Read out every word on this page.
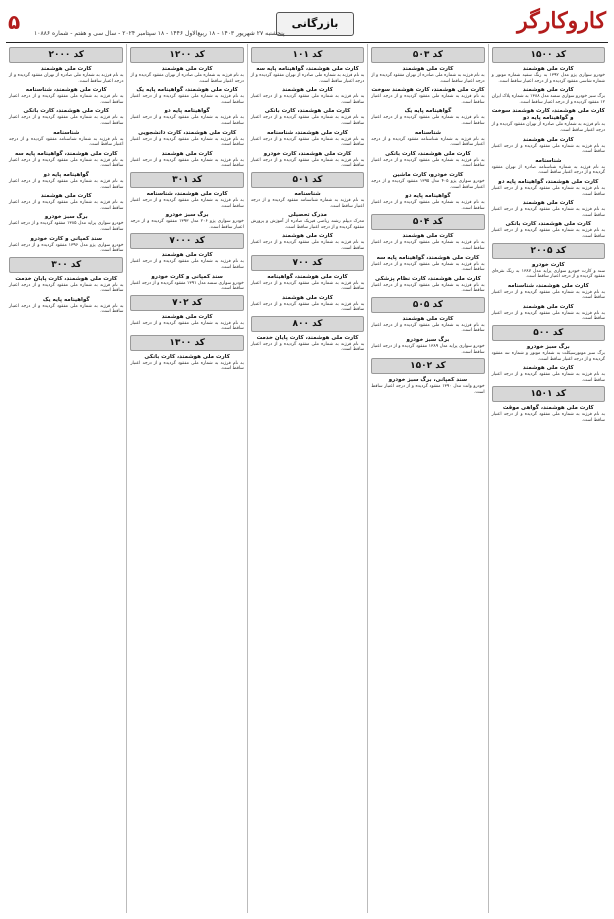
کاروکارگر
بازرگانی
۵ پنجشنبه ۲۷ شهریور ۱۴۰۳ - ۱۸ ربیع‌الاول ۱۴۴۶ - ۱۸ سپتامبر ۲۰۲۴ - سال سی و هفتم - شماره ۱۰۸۸۶
کد ۱۵۰۰
کارت ملی هوشمند

خودرو سواری پژو مدل ۱۳۹۲ به رنگ سفید شماره موتور و شماره شاسی مفقود گردیده و از درجه اعتبار ساقط است.

کارت ملی هوشمند

برگ سبز خودرو سواری سمند مدل ۱۳۸۸ به شماره پلاک ایران ۱۲ مفقود گردیده و از درجه اعتبار ساقط است.

کارت ملی هوشمند، کارت هوشمند سوخت و گواهینامه پایه دو

به نام فرزند به شماره ملی صادره از تهران مفقود گردیده و از درجه اعتبار ساقط است.

کارت ملی هوشمند

به نام فرزند به شماره ملی مفقود گردیده و از درجه اعتبار ساقط است.

شناسنامه

به نام فرزند به شماره شناسنامه صادره از تهران مفقود گردیده و از درجه اعتبار ساقط است.

کارت ملی هوشمند، گواهینامه پایه دو

به نام فرزند به شماره ملی مفقود گردیده و از درجه اعتبار ساقط است.

کارت ملی هوشمند

به نام فرزند به شماره ملی مفقود گردیده و از درجه اعتبار ساقط است.

کارت ملی هوشمند، کارت بانکی

به نام فرزند به شماره ملی مفقود گردیده و از درجه اعتبار ساقط است.

کد ۲۰۰۵
کارت خودرو

سند و کارت خودرو سواری پراید مدل ۱۳۸۷ به رنگ نقره‌ای مفقود گردیده و از درجه اعتبار ساقط است.

کارت ملی هوشمند، شناسنامه

به نام فرزند به شماره ملی مفقود گردیده و از درجه اعتبار ساقط است.

کارت ملی هوشمند

به نام فرزند به شماره ملی مفقود گردیده و از درجه اعتبار ساقط است.

کد ۵۰۰
برگ سبز خودرو

برگ سبز موتورسیکلت به شماره موتور و شماره تنه مفقود گردیده و از درجه اعتبار ساقط است.

کارت ملی هوشمند

به نام فرزند به شماره ملی مفقود گردیده و از درجه اعتبار ساقط است.

کد ۱۵۰۱
کارت ملی هوشمند، گواهی موقت

به نام فرزند به شماره ملی مفقود گردیده و از درجه اعتبار ساقط است.

کد ۵۰۳
کارت ملی هوشمند

به نام فرزند به شماره ملی صادره از تهران مفقود گردیده و از درجه اعتبار ساقط است.

کارت ملی هوشمند، کارت هوشمند سوخت

به نام فرزند به شماره ملی مفقود گردیده و از درجه اعتبار ساقط است.

گواهینامه پایه یک

به نام فرزند به شماره ملی مفقود گردیده و از درجه اعتبار ساقط است.

شناسنامه

به نام فرزند به شماره شناسنامه مفقود گردیده و از درجه اعتبار ساقط است.

کارت ملی هوشمند، کارت بانکی

به نام فرزند به شماره ملی مفقود گردیده و از درجه اعتبار ساقط است.

کارت خودرو، کارت ماشین

خودرو سواری پژو ۴۰۵ مدل ۱۳۹۵ مفقود گردیده و از درجه اعتبار ساقط است.

گواهینامه پایه دو

به نام فرزند به شماره ملی مفقود گردیده و از درجه اعتبار ساقط است.

کد ۵۰۴
کارت ملی هوشمند

به نام فرزند به شماره ملی مفقود گردیده و از درجه اعتبار ساقط است.

کارت ملی هوشمند، گواهینامه پایه سه

به نام فرزند به شماره ملی مفقود گردیده و از درجه اعتبار ساقط است.

کارت ملی هوشمند، کارت نظام پزشکی

به نام فرزند به شماره ملی مفقود گردیده و از درجه اعتبار ساقط است.

کد ۵۰۵
کارت ملی هوشمند

به نام فرزند به شماره ملی مفقود گردیده و از درجه اعتبار ساقط است.

برگ سبز خودرو

خودرو سواری پراید مدل ۱۳۸۹ مفقود گردیده و از درجه اعتبار ساقط است.

کد ۱۵۰۲
سند کمپانی، برگ سبز خودرو

خودرو وانت مدل ۱۳۹۰ مفقود گردیده و از درجه اعتبار ساقط است.

کد ۱۰۱
کارت ملی هوشمند، گواهینامه پایه سه

به نام فرزند به شماره ملی صادره از تهران مفقود گردیده و از درجه اعتبار ساقط است.

کارت ملی هوشمند

به نام فرزند به شماره ملی مفقود گردیده و از درجه اعتبار ساقط است.

کارت ملی هوشمند، کارت بانکی

به نام فرزند به شماره ملی مفقود گردیده و از درجه اعتبار ساقط است.

کارت ملی هوشمند، شناسنامه

به نام فرزند به شماره ملی مفقود گردیده و از درجه اعتبار ساقط است.

کارت ملی هوشمند، کارت خودرو

به نام فرزند به شماره ملی مفقود گردیده و از درجه اعتبار ساقط است.

کد ۵۰۱
شناسنامه

به نام فرزند به شماره شناسنامه مفقود گردیده و از درجه اعتبار ساقط است.

مدرک تحصیلی

مدرک دیپلم رشته ریاضی فیزیک صادره از آموزش و پرورش مفقود گردیده و از درجه اعتبار ساقط است.

کارت ملی هوشمند

به نام فرزند به شماره ملی مفقود گردیده و از درجه اعتبار ساقط است.

کد ۷۰۰
کارت ملی هوشمند، گواهینامه

به نام فرزند به شماره ملی مفقود گردیده و از درجه اعتبار ساقط است.

کارت ملی هوشمند

به نام فرزند به شماره ملی مفقود گردیده و از درجه اعتبار ساقط است.

کد ۸۰۰
کارت ملی هوشمند، کارت پایان خدمت

به نام فرزند به شماره ملی مفقود گردیده و از درجه اعتبار ساقط است.

کد ۱۲۰۰
کارت ملی هوشمند

به نام فرزند به شماره ملی صادره از تهران مفقود گردیده و از درجه اعتبار ساقط است.

کارت ملی هوشمند، گواهینامه پایه یک

به نام فرزند به شماره ملی مفقود گردیده و از درجه اعتبار ساقط است.

گواهینامه پایه دو

به نام فرزند به شماره ملی مفقود گردیده و از درجه اعتبار ساقط است.

کارت ملی هوشمند، کارت دانشجویی

به نام فرزند به شماره ملی مفقود گردیده و از درجه اعتبار ساقط است.

کارت ملی هوشمند

به نام فرزند به شماره ملی مفقود گردیده و از درجه اعتبار ساقط است.

کد ۳۰۱
کارت ملی هوشمند، شناسنامه

به نام فرزند به شماره ملی مفقود گردیده و از درجه اعتبار ساقط است.

برگ سبز خودرو

خودرو سواری پژو ۲۰۶ مدل ۱۳۹۳ مفقود گردیده و از درجه اعتبار ساقط است.

کد ۷۰۰۰
کارت ملی هوشمند

به نام فرزند به شماره ملی مفقود گردیده و از درجه اعتبار ساقط است.

سند کمپانی و کارت خودرو

خودرو سواری سمند مدل ۱۳۹۱ مفقود گردیده و از درجه اعتبار ساقط است.

کد ۷۰۲
کارت ملی هوشمند

به نام فرزند به شماره ملی مفقود گردیده و از درجه اعتبار ساقط است.

کد ۱۳۰۰
کارت ملی هوشمند، کارت بانکی

به نام فرزند به شماره ملی مفقود گردیده و از درجه اعتبار ساقط است.

کد ۲۰۰۰
کارت ملی هوشمند

به نام فرزند به شماره ملی صادره از تهران مفقود گردیده و از درجه اعتبار ساقط است.

کارت ملی هوشمند، شناسنامه

به نام فرزند به شماره ملی مفقود گردیده و از درجه اعتبار ساقط است.

کارت ملی هوشمند، کارت بانکی

به نام فرزند به شماره ملی مفقود گردیده و از درجه اعتبار ساقط است.

شناسنامه

به نام فرزند به شماره شناسنامه مفقود گردیده و از درجه اعتبار ساقط است.

کارت ملی هوشمند، گواهینامه پایه سه

به نام فرزند به شماره ملی مفقود گردیده و از درجه اعتبار ساقط است.

گواهینامه پایه دو

به نام فرزند به شماره ملی مفقود گردیده و از درجه اعتبار ساقط است.

کارت ملی هوشمند

به نام فرزند به شماره ملی مفقود گردیده و از درجه اعتبار ساقط است.

برگ سبز خودرو

خودرو سواری پراید مدل ۱۳۸۵ مفقود گردیده و از درجه اعتبار ساقط است.

سند کمپانی و کارت خودرو

خودرو سواری پژو مدل ۱۳۹۶ مفقود گردیده و از درجه اعتبار ساقط است.

کد ۳۰۰
کارت ملی هوشمند، کارت پایان خدمت

به نام فرزند به شماره ملی مفقود گردیده و از درجه اعتبار ساقط است.

گواهینامه پایه یک

به نام فرزند به شماره ملی مفقود گردیده و از درجه اعتبار ساقط است.
